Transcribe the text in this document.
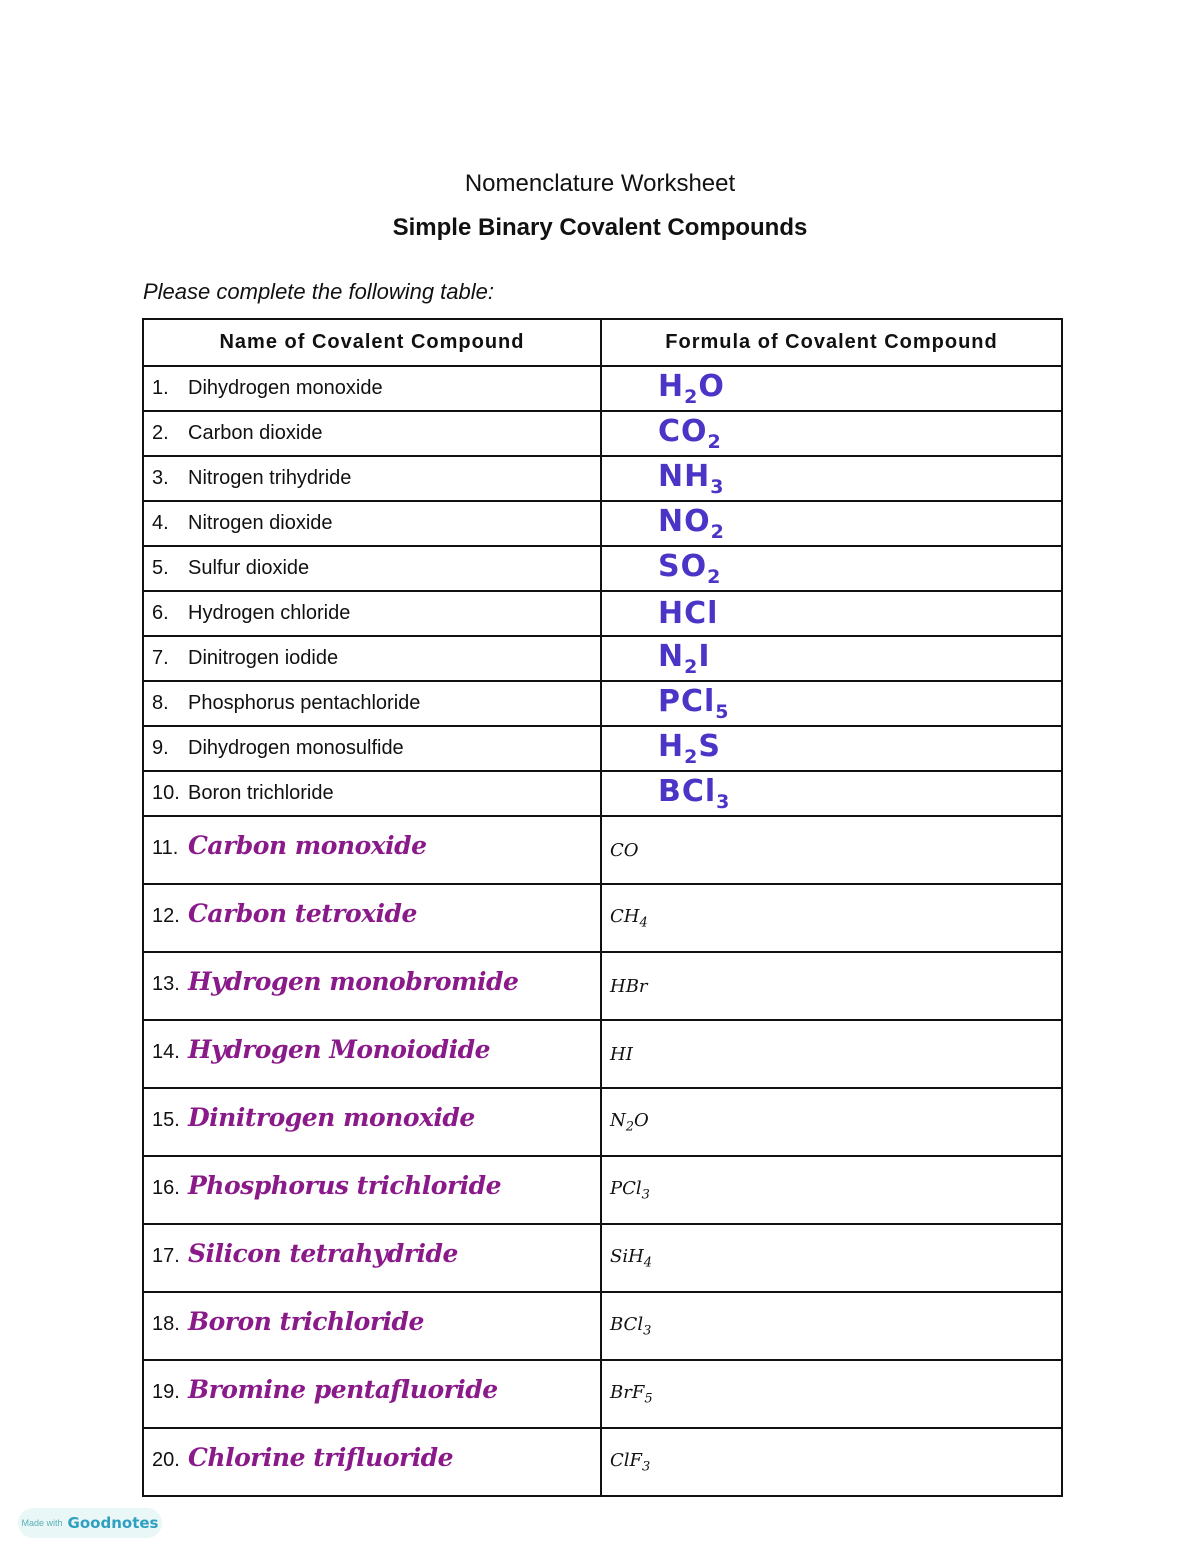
Nomenclature Worksheet
Simple Binary Covalent Compounds
Please complete the following table:
Name of Covalent Compound	Formula of Covalent Compound
1. Dihydrogen monoxide	$H_2O$
2. Carbon dioxide	$CO_2$
3. Nitrogen trihydride	$NH_3$
4. Nitrogen dioxide	$NO_2$
5. Sulfur dioxide	$SO_2$
6. Hydrogen chloride	HCl
7. Dinitrogen iodide	$N_2I$
8. Phosphorus pentachloride	PCl$_5$
9. Dihydrogen monosulfide	$H_2S$
10. Boron trichloride	BCl$_3$
11. Carbon monoxide	CO
12. Carbon tetroxide	$CH_4$
13. Hydrogen monobromide	HBr
14. Hydrogen Monoiodide	HI
15. Dinitrogen monoxide	$N_2O$
16. Phosphorus trichloride	PCl$_3$
17. Silicon tetrahydride	SiH$_4$
18. Boron trichloride	BCl$_3$
19. Bromine pentafluoride	BrF$_5$
20. Chlorine trifluoride	ClF$_3$
Made with Goodnotes
